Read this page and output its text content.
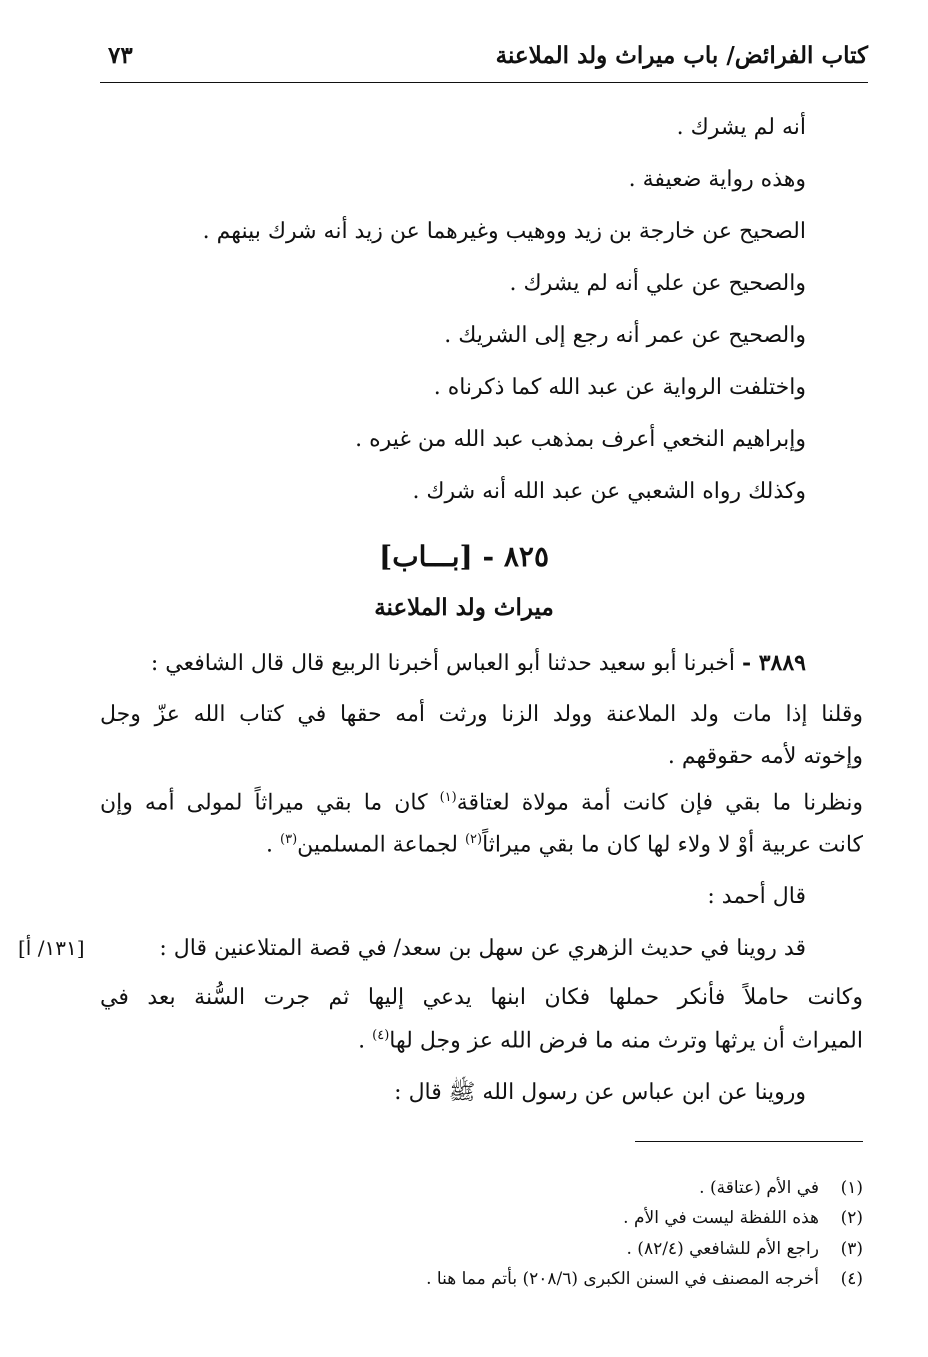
كتاب الفرائض/ باب ميراث ولد الملاعنة
٧٣
أنه لم يشرك .
وهذه رواية ضعيفة .
الصحيح عن خارجة بن زيد ووهيب وغيرهما عن زيد أنه شرك بينهم .
والصحيح عن علي أنه لم يشرك .
والصحيح عن عمر أنه رجع إلى الشريك .
واختلفت الرواية عن عبد الله كما ذكرناه .
وإبراهيم النخعي أعرف بمذهب عبد الله من غيره .
وكذلك رواه الشعبي عن عبد الله أنه شرك .
٨٢٥ - [بـــاب]
ميراث ولد الملاعنة
٣٨٨٩ - أخبرنا أبو سعيد حدثنا أبو العباس أخبرنا الربيع قال قال الشافعي :
وقلنا إذا مات ولد الملاعنة وولد الزنا ورثت أمه حقها في كتاب الله عزّ وجل
وإخوته لأمه حقوقهم .
ونظرنا ما بقي فإن كانت أمة مولاة لعتاقة$^{(١)}$ كان ما بقي ميراثاً لمولى أمه وإن
كانت عربية أوْ لا ولاء لها كان ما بقي ميراثاً$^{(٢)}$ لجماعة المسلمين$^{(٣)}$ .
قال أحمد :
قد روينا في حديث الزهري عن سهل بن سعد/ في قصة المتلاعنين قال :
[١٣١/ أ]
وكانت حاملاً فأنكر حملها فكان ابنها يدعي إليها ثم جرت السُّنة بعد في
الميراث أن يرثها وترث منه ما فرض الله عز وجل لها$^{(٤)}$ .
وروينا عن ابن عباس عن رسول الله ﷺ قال :
(١)في الأم (عتاقة) .
(٢)هذه اللفظة ليست في الأم .
(٣)راجع الأم للشافعي (٨٢/٤) .
(٤)أخرجه المصنف في السنن الكبرى (٢٠٨/٦) بأتم مما هنا .
